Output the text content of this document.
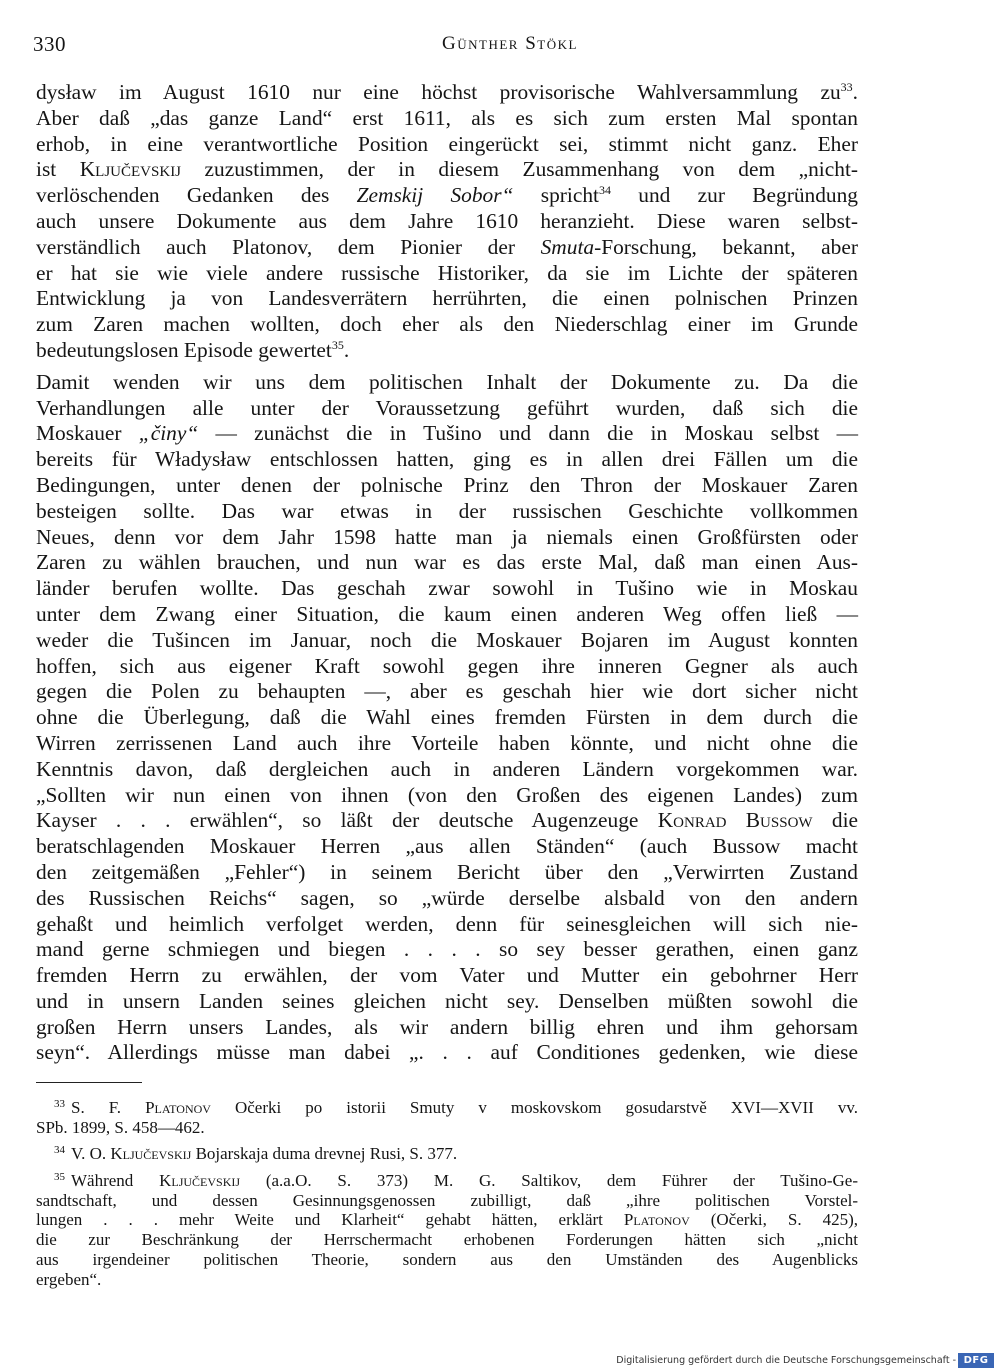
330	Günther Stökl
dysław im August 1610 nur eine höchst provisorische Wahlversammlung zu$^{33}$.
Aber daß „das ganze Land“ erst 1611, als es sich zum ersten Mal spontan
erhob, in eine verantwortliche Position eingerückt sei, stimmt nicht ganz. Eher
ist Ključevskij zuzustimmen, der in diesem Zusammenhang von dem „nicht-
verlöschenden Gedanken des Zemskij Sobor“ spricht$^{34}$ und zur Begründung
auch unsere Dokumente aus dem Jahre 1610 heranzieht. Diese waren selbst-
verständlich auch Platonov, dem Pionier der Smuta-Forschung, bekannt, aber
er hat sie wie viele andere russische Historiker, da sie im Lichte der späteren
Entwicklung ja von Landesverrätern herrührten, die einen polnischen Prinzen
zum Zaren machen wollten, doch eher als den Niederschlag einer im Grunde
bedeutungslosen Episode gewertet$^{35}$.
Damit wenden wir uns dem politischen Inhalt der Dokumente zu. Da die
Verhandlungen alle unter der Voraussetzung geführt wurden, daß sich die
Moskauer „činy“ — zunächst die in Tušino und dann die in Moskau selbst —
bereits für Władysław entschlossen hatten, ging es in allen drei Fällen um die
Bedingungen, unter denen der polnische Prinz den Thron der Moskauer Zaren
besteigen sollte. Das war etwas in der russischen Geschichte vollkommen
Neues, denn vor dem Jahr 1598 hatte man ja niemals einen Großfürsten oder
Zaren zu wählen brauchen, und nun war es das erste Mal, daß man einen Aus-
länder berufen wollte. Das geschah zwar sowohl in Tušino wie in Moskau
unter dem Zwang einer Situation, die kaum einen anderen Weg offen ließ —
weder die Tušincen im Januar, noch die Moskauer Bojaren im August konnten
hoffen, sich aus eigener Kraft sowohl gegen ihre inneren Gegner als auch
gegen die Polen zu behaupten —, aber es geschah hier wie dort sicher nicht
ohne die Überlegung, daß die Wahl eines fremden Fürsten in dem durch die
Wirren zerrissenen Land auch ihre Vorteile haben könnte, und nicht ohne die
Kenntnis davon, daß dergleichen auch in anderen Ländern vorgekommen war.
„Sollten wir nun einen von ihnen (von den Großen des eigenen Landes) zum
Kayser . . . erwählen“, so läßt der deutsche Augenzeuge Konrad Bussow die
beratschlagenden Moskauer Herren „aus allen Ständen“ (auch Bussow macht
den zeitgemäßen „Fehler“) in seinem Bericht über den „Verwirrten Zustand
des Russischen Reichs“ sagen, so „würde derselbe alsbald von den andern
gehaßt und heimlich verfolget werden, denn für seinesgleichen will sich nie-
mand gerne schmiegen und biegen . . . . so sey besser gerathen, einen ganz
fremden Herrn zu erwählen, der vom Vater und Mutter ein gebohrner Herr
und in unsern Landen seines gleichen nicht sey. Denselben müßten sowohl die
großen Herrn unsers Landes, als wir andern billig ehren und ihm gehorsam
seyn“. Allerdings müsse man dabei „. . . auf Conditiones gedenken, wie diese
$^{33}$ S. F. Platonov Očerki po istorii Smuty v moskovskom gosudarstvě XVI—XVII vv.
SPb. 1899, S. 458—462.
$^{34}$ V. O. Ključevskij Bojarskaja duma drevnej Rusi, S. 377.
$^{35}$ Während Ključevskij (a.a.O. S. 373) M. G. Saltikov, dem Führer der Tušino-Ge-
sandtschaft, und dessen Gesinnungsgenossen zubilligt, daß „ihre politischen Vorstel-
lungen . . . mehr Weite und Klarheit“ gehabt hätten, erklärt Platonov (Očerki, S. 425),
die zur Beschränkung der Herrschermacht erhobenen Forderungen hätten sich „nicht
aus irgendeiner politischen Theorie, sondern aus den Umständen des Augenblicks
ergeben“.
Digitalisierung gefördert durch die Deutsche Forschungsgemeinschaft - DFG
